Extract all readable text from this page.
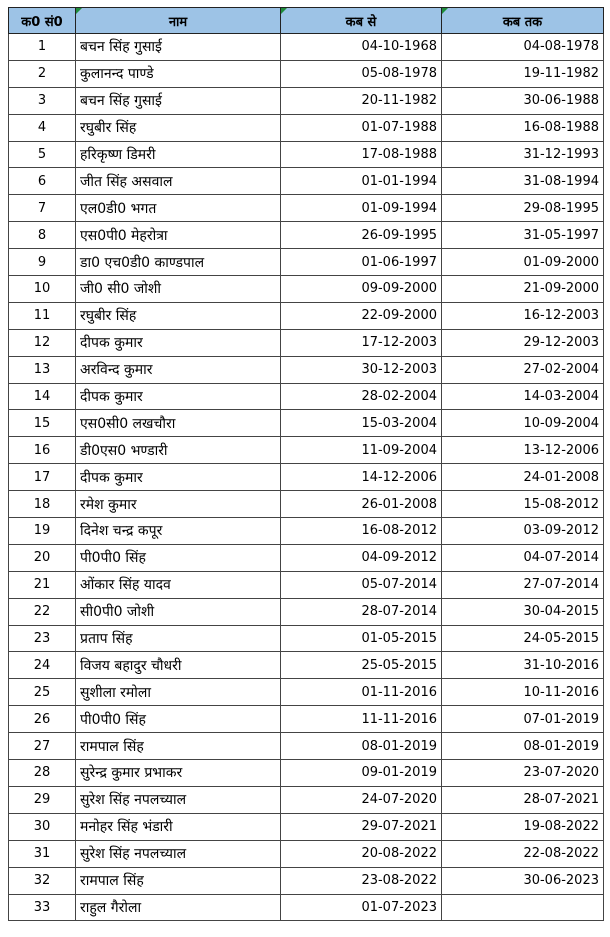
क0 सं0	नाम	कब से	कब तक
1	बचन सिंह गुसाई	04-10-1968	04-08-1978
2	कुलानन्द पाण्डे	05-08-1978	19-11-1982
3	बचन सिंह गुसाई	20-11-1982	30-06-1988
4	रघुबीर सिंह	01-07-1988	16-08-1988
5	हरिकृष्ण डिमरी	17-08-1988	31-12-1993
6	जीत सिंह असवाल	01-01-1994	31-08-1994
7	एल0डी0 भगत	01-09-1994	29-08-1995
8	एस0पी0 मेहरोत्रा	26-09-1995	31-05-1997
9	डा0 एच0डी0 काण्डपाल	01-06-1997	01-09-2000
10	जी0 सी0 जोशी	09-09-2000	21-09-2000
11	रघुबीर सिंह	22-09-2000	16-12-2003
12	दीपक कुमार	17-12-2003	29-12-2003
13	अरविन्द कुमार	30-12-2003	27-02-2004
14	दीपक कुमार	28-02-2004	14-03-2004
15	एस0सी0 लखचौरा	15-03-2004	10-09-2004
16	डी0एस0 भण्डारी	11-09-2004	13-12-2006
17	दीपक कुमार	14-12-2006	24-01-2008
18	रमेश कुमार	26-01-2008	15-08-2012
19	दिनेश चन्द्र कपूर	16-08-2012	03-09-2012
20	पी0पी0 सिंह	04-09-2012	04-07-2014
21	ओंकार सिंह यादव	05-07-2014	27-07-2014
22	सी0पी0 जोशी	28-07-2014	30-04-2015
23	प्रताप सिंह	01-05-2015	24-05-2015
24	विजय बहादुर चौधरी	25-05-2015	31-10-2016
25	सुशीला रमोला	01-11-2016	10-11-2016
26	पी0पी0 सिंह	11-11-2016	07-01-2019
27	रामपाल सिंह	08-01-2019	08-01-2019
28	सुरेन्द्र कुमार प्रभाकर	09-01-2019	23-07-2020
29	सुरेश सिंह नपलच्याल	24-07-2020	28-07-2021
30	मनोहर सिंह भंडारी	29-07-2021	19-08-2022
31	सुरेश सिंह नपलच्याल	20-08-2022	22-08-2022
32	रामपाल सिंह	23-08-2022	30-06-2023
33	राहुल गैरोला	01-07-2023	
